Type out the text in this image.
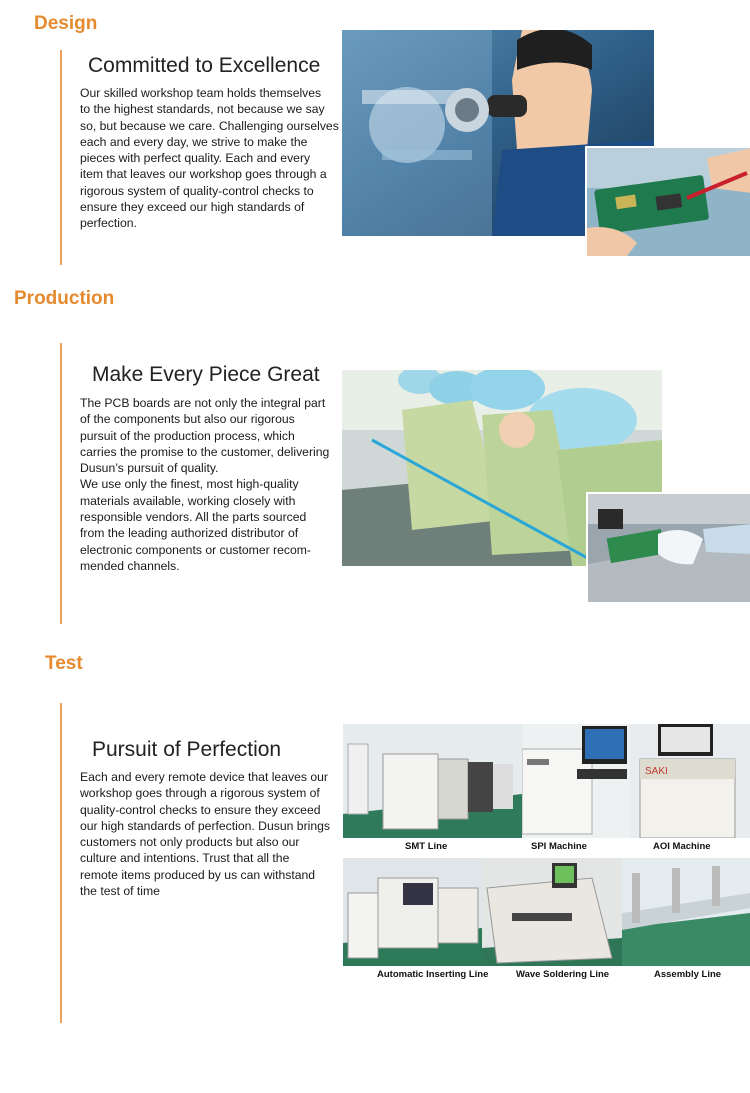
Design
Committed to Excellence

Our skilled workshop team holds themselves
to the highest standards, not because we say
so, but because we care. Challenging ourselves
each and every day, we strive to make the
pieces with perfect quality. Each and every
item that leaves our workshop goes through a
rigorous system of quality-control checks to
ensure they exceed our high standards of
perfection.

Production
Make Every Piece Great

The PCB boards are not only the integral part
of the components but also our rigorous
pursuit of the production process, which
carries the promise to the customer, delivering
Dusun’s pursuit of quality.
We use only the finest, most high-quality
materials available, working closely with
responsible vendors. All the parts sourced
from the leading authorized distributor of
electronic components or customer recom-
mended channels.

Test
Pursuit of Perfection

Each and every remote device that leaves our
workshop goes through a rigorous system of
quality-control checks to ensure they exceed
our high standards of perfection. Dusun brings
customers not only products but also our
culture and intentions. Trust that all the
remote items produced by us can withstand
the test of time

SAKI
SMT Line	SPI Machine	AOI Machine
Automatic Inserting Line	Wave Soldering Line	Assembly Line
